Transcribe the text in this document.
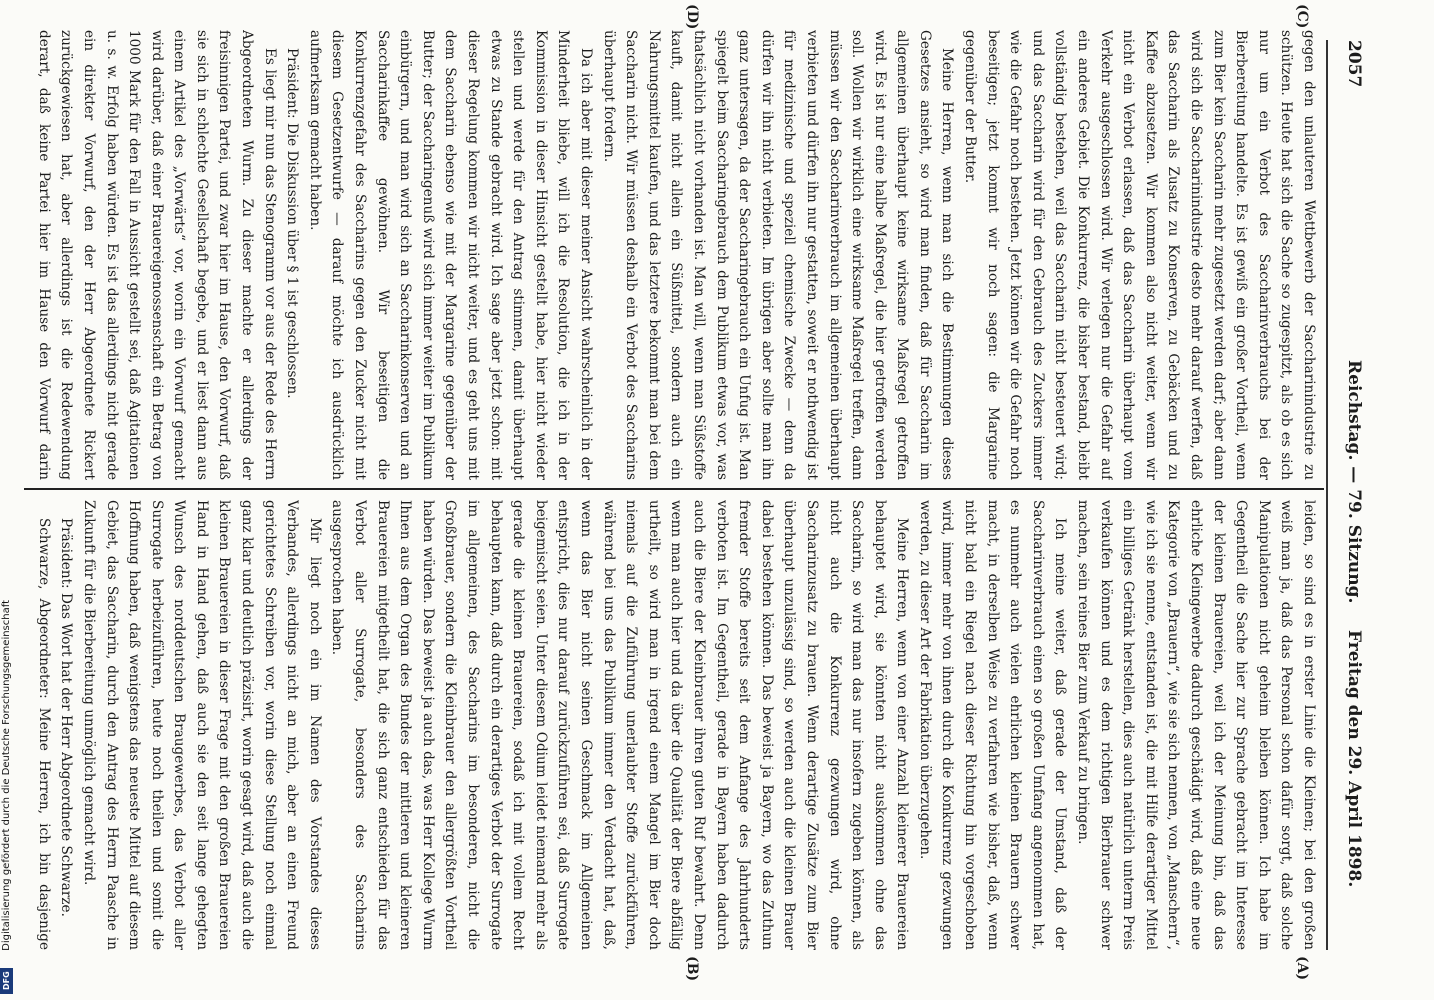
2057
Reichstag. — 79. Sitzung.
Freitag den 29. April 1898.
(C)
(A)
(D)
(B)

leiden, so sind es in erster Linie die Kleinen; bei den großen weiß man ja, daß das Personal schon dafür sorgt, daß solche Manipulationen nicht geheim bleiben können. Ich habe im Gegentheil die Sache hier zur Sprache gebracht im Interesse der kleinen Brauereien, weil ich der Meinung bin, daß das ehrliche Kleingewerbe dadurch geschädigt wird, daß eine neue Kategorie von „Brauern“, wie sie sich nennen, von „Manschern“, wie ich sie nenne, entstanden ist, die mit Hilfe derartiger Mittel ein billiges Getränk herstellen, dies auch natürlich unterm Preis verkaufen können und es dem richtigen Bierbrauer schwer machen, sein reines Bier zum Verkauf zu bringen.

Ich meine weiter, daß gerade der Umstand, daß der Saccharinverbrauch einen so großen Umfang angenommen hat, es nunmehr auch vielen ehrlichen kleinen Brauern schwer macht, in derselben Weise zu verfahren wie bisher, daß, wenn nicht bald ein Riegel nach dieser Richtung hin vorgeschoben wird, immer mehr von ihnen durch die Konkurrenz gezwungen werden, zu dieser Art der Fabrikation überzugehen.

Meine Herren, wenn von einer Anzahl kleinerer Brauereien behauptet wird, sie könnten nicht auskommen ohne das Saccharin, so wird man das nur insofern zugeben können, als nicht auch die Konkurrenz gezwungen wird, ohne Saccharinzusatz zu brauen. Wenn derartige Zusätze zum Bier überhaupt unzulässig sind, so werden auch die kleinen Brauer dabei bestehen können. Das beweist ja Bayern, wo das Zuthun fremder Stoffe bereits seit dem Anfange des Jahrhunderts verboten ist. Im Gegentheil, gerade in Bayern haben dadurch auch die Biere der Kleinbrauer ihren guten Ruf bewahrt. Denn wenn man auch hier und da über die Qualität der Biere abfällig urtheilt, so wird man in irgend einem Mangel im Bier doch niemals auf die Zuführung unerlaubter Stoffe zurückführen, während bei uns das Publikum immer den Verdacht hat, daß, wenn das Bier nicht seinen Geschmack im Allgemeinen entspricht, dies nur darauf zurückzuführen sei, daß Surrogate beigemischt seien. Unter diesem Odium leidet niemand mehr als gerade die kleinen Brauereien, sodaß ich mit vollem Recht behaupten kann, daß durch ein derartiges Verbot der Surrogate im allgemeinen, des Saccharins im besonderen, nicht die Großbrauer, sondern die Kleinbrauer den allergrößten Vortheil haben würden. Das beweist ja auch das, was Herr Kollege Wurm Ihnen aus dem Organ des Bundes der mittleren und kleineren Brauereien mitgetheilt hat, die sich ganz entschieden für das Verbot aller Surrogate, besonders des Saccharins ausgesprochen haben.

Mir liegt noch ein im Namen des Vorstandes dieses Verbandes, allerdings nicht an mich, aber an einen Freund gerichtetes Schreiben vor, worin diese Stellung noch einmal ganz klar und deutlich präzisirt, worin gesagt wird, daß auch die kleinen Brauereien in dieser Frage mit den großen Brauereien Hand in Hand gehen, daß auch sie den seit lange gehegten Wunsch des norddeutschen Braugewerbes, das Verbot aller Surrogate herbeizuführen, heute noch theilen und somit die Hoffnung haben, daß wenigstens das neueste Mittel auf diesem Gebiet, das Saccharin, durch den Antrag des Herrn Paasche in Zukunft für die Bierbereitung unmöglich gemacht wird.

Präsident: Das Wort hat der Herr Abgeordnete Schwarze.

Schwarze, Abgeordneter: Meine Herren, ich bin dasjenige

gegen den unlauteren Wettbewerb der Saccharinindustrie zu schützen. Heute hat sich die Sache so zugespitzt, als ob es sich nur um ein Verbot des Saccharinverbrauchs bei der Bierbereitung handelte. Es ist gewiß ein großer Vortheil, wenn zum Bier kein Saccharin mehr zugesetzt werden darf; aber dann wird sich die Saccharinindustrie desto mehr darauf werfen, daß das Saccharin als Zusatz zu Konserven, zu Gebäcken und zu Kaffee abzusetzen. Wir kommen also nicht weiter, wenn wir nicht ein Verbot erlassen, daß das Saccharin überhaupt vom Verkehr ausgeschlossen wird. Wir verlegen nur die Gefahr auf ein anderes Gebiet. Die Konkurrenz, die bisher bestand, bleibt vollständig bestehen, weil das Saccharin nicht besteuert wird; und das Saccharin wird für den Gebrauch des Zuckers immer wie die Gefahr noch bestehen. Jetzt können wir die Gefahr noch beseitigen; jetzt kommt wir noch sagen: die Margarine gegenüber der Butter.

Meine Herren, wenn man sich die Bestimmungen dieses Gesetzes ansieht, so wird man finden, daß für Saccharin im allgemeinen überhaupt keine wirksame Maßregel getroffen wird. Es ist nur eine halbe Maßregel, die hier getroffen werden soll. Wollen wir wirklich eine wirksame Maßregel treffen, dann müssen wir den Saccharinverbrauch im allgemeinen überhaupt verbieten und dürfen ihn nur gestatten, soweit er nothwendig ist für medizinische und speziell chemische Zwecke — denn da dürfen wir ihn nicht verbieten. Im übrigen aber sollte man ihn ganz untersagen, da der Saccharingebrauch ein Unfug ist. Man spiegelt beim Saccharingebrauch dem Publikum etwas vor, was thatsächlich nicht vorhanden ist. Man will, wenn man Süßstoffe kauft, damit nicht allein ein Süßmittel, sondern auch ein Nahrungsmittel kaufen, und das letztere bekommt man bei dem Saccharin nicht. Wir müssen deshalb ein Verbot des Saccharins überhaupt fordern.

Da ich aber mit dieser meiner Ansicht wahrscheinlich in der Minderheit bliebe, will ich die Resolution, die ich in der Kommission in dieser Hinsicht gestellt habe, hier nicht wieder stellen und werde für den Antrag stimmen, damit überhaupt etwas zu Stande gebracht wird. Ich sage aber jetzt schon: mit dieser Regelung kommen wir nicht weiter, und es geht uns mit dem Saccharin ebenso wie mit der Margarine gegenüber der Butter; der Saccharingenuß wird sich immer weiter im Publikum einbürgern, und man wird sich an Saccharinkonserven und an Saccharinkaffee gewöhnen. Wir beseitigen die Konkurrenzgefahr des Saccharins gegen den Zucker nicht mit diesem Gesetzentwurfe — darauf möchte ich ausdrücklich aufmerksam gemacht haben.

Präsident: Die Diskussion über § 1 ist geschlossen.

Es liegt mir nun das Stenogramm vor aus der Rede des Herrn Abgeordneten Wurm. Zu dieser machte er allerdings der freisinnigen Partei, und zwar hier im Hause, den Vorwurf, daß sie sich in schlechte Gesellschaft begebe, und er liest dann aus einem Artikel des „Vorwärts“ vor, worin ein Vorwurf gemacht wird darüber, daß einer Brauereigenossenschaft ein Betrag von 1000 Mark für den Fall in Aussicht gestellt sei, daß Agitationen u. s. w. Erfolg haben würden. Es ist das allerdings nicht gerade ein direkter Vorwurf, den der Herr Abgeordnete Rickert zurückgewiesen hat, aber allerdings ist die Redewendung derart, daß keine Partei hier im Hause den Vorwurf darin

Digitalisierung gefördert durch die Deutsche Forschungsgemeinschaft
DFG
